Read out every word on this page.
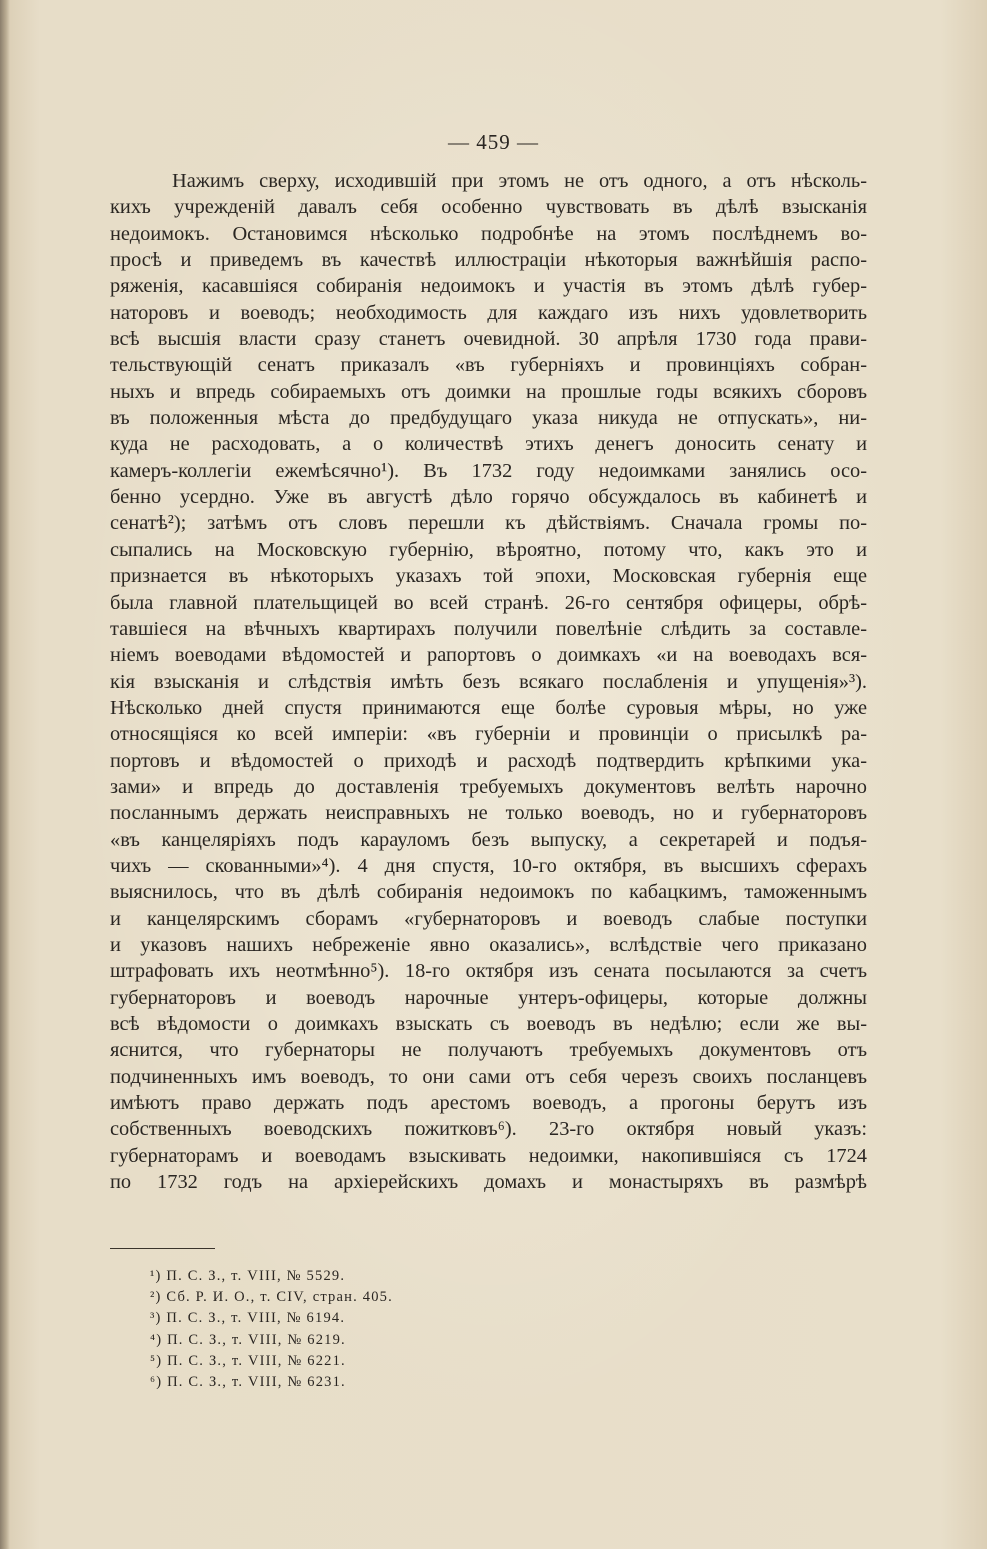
— 459 —
Нажимъ сверху, исходившій при этомъ не отъ одного, а отъ нѣсколь-
кихъ учрежденій давалъ себя особенно чувствовать въ дѣлѣ взысканія
недоимокъ. Остановимся нѣсколько подробнѣе на этомъ послѣднемъ во-
просѣ и приведемъ въ качествѣ иллюстраціи нѣкоторыя важнѣйшія распо-
ряженія, касавшіяся собиранія недоимокъ и участія въ этомъ дѣлѣ губер-
наторовъ и воеводъ; необходимость для каждаго изъ нихъ удовлетворить
всѣ высшія власти сразу станетъ очевидной. 30 апрѣля 1730 года прави-
тельствующій сенатъ приказалъ «въ губерніяхъ и провинціяхъ собран-
ныхъ и впредь собираемыхъ отъ доимки на прошлые годы всякихъ сборовъ
въ положенныя мѣста до предбудущаго указа никуда не отпускать», ни-
куда не расходовать, а о количествѣ этихъ денегъ доносить сенату и
камеръ-коллегіи ежемѣсячно¹). Въ 1732 году недоимками занялись осо-
бенно усердно. Уже въ августѣ дѣло горячо обсуждалось въ кабинетѣ и
сенатѣ²); затѣмъ отъ словъ перешли къ дѣйствіямъ. Сначала громы по-
сыпались на Московскую губернію, вѣроятно, потому что, какъ это и
признается въ нѣкоторыхъ указахъ той эпохи, Московская губернія еще
была главной плательщицей во всей странѣ. 26-го сентября офицеры, обрѣ-
тавшіеся на вѣчныхъ квартирахъ получили повелѣніе слѣдить за составле-
ніемъ воеводами вѣдомостей и рапортовъ о доимкахъ «и на воеводахъ вся-
кія взысканія и слѣдствія имѣть безъ всякаго послабленія и упущенія»³).
Нѣсколько дней спустя принимаются еще болѣе суровыя мѣры, но уже
относящіяся ко всей имперіи: «въ губерніи и провинціи о присылкѣ ра-
портовъ и вѣдомостей о приходѣ и расходѣ подтвердить крѣпкими ука-
зами» и впредь до доставленія требуемыхъ документовъ велѣть нарочно
посланнымъ держать неисправныхъ не только воеводъ, но и губернаторовъ
«въ канцеляріяхъ подъ карауломъ безъ выпуску, а секретарей и подъя-
чихъ — скованными»⁴). 4 дня спустя, 10-го октября, въ высшихъ сферахъ
выяснилось, что въ дѣлѣ собиранія недоимокъ по кабацкимъ, таможеннымъ
и канцелярскимъ сборамъ «губернаторовъ и воеводъ слабые поступки
и указовъ нашихъ небреженіе явно оказались», вслѣдствіе чего приказано
штрафовать ихъ неотмѣнно⁵). 18-го октября изъ сената посылаются за счетъ
губернаторовъ и воеводъ нарочные унтеръ-офицеры, которые должны
всѣ вѣдомости о доимкахъ взыскать съ воеводъ въ недѣлю; если же вы-
яснится, что губернаторы не получаютъ требуемыхъ документовъ отъ
подчиненныхъ имъ воеводъ, то они сами отъ себя черезъ своихъ посланцевъ
имѣютъ право держать подъ арестомъ воеводъ, а прогоны берутъ изъ
собственныхъ воеводскихъ пожитковъ⁶). 23-го октября новый указъ:
губернаторамъ и воеводамъ взыскивать недоимки, накопившіяся съ 1724
по 1732 годъ на архіерейскихъ домахъ и монастыряхъ въ размѣрѣ
¹) П. С. З., т. VIII, № 5529.
²) Сб. Р. И. О., т. CIV, стран. 405.
³) П. С. З., т. VIII, № 6194.
⁴) П. С. З., т. VIII, № 6219.
⁵) П. С. З., т. VIII, № 6221.
⁶) П. С. З., т. VIII, № 6231.
